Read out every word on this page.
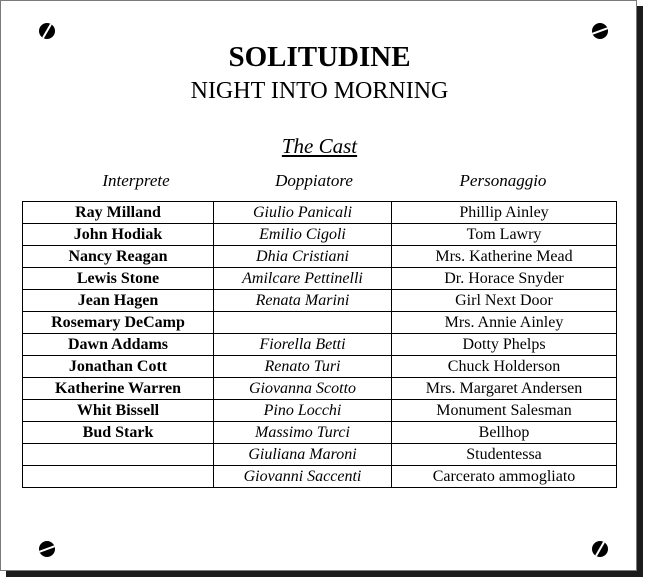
SOLITUDINE
NIGHT INTO MORNING
The Cast
Interprete	Doppiatore	Personaggio
Ray Milland	Giulio Panicali	Phillip Ainley
John Hodiak	Emilio Cigoli	Tom Lawry
Nancy Reagan	Dhia Cristiani	Mrs. Katherine Mead
Lewis Stone	Amilcare Pettinelli	Dr. Horace Snyder
Jean Hagen	Renata Marini	Girl Next Door
Rosemary DeCamp		Mrs. Annie Ainley
Dawn Addams	Fiorella Betti	Dotty Phelps
Jonathan Cott	Renato Turi	Chuck Holderson
Katherine Warren	Giovanna Scotto	Mrs. Margaret Andersen
Whit Bissell	Pino Locchi	Monument Salesman
Bud Stark	Massimo Turci	Bellhop
	Giuliana Maroni	Studentessa
	Giovanni Saccenti	Carcerato ammogliato
